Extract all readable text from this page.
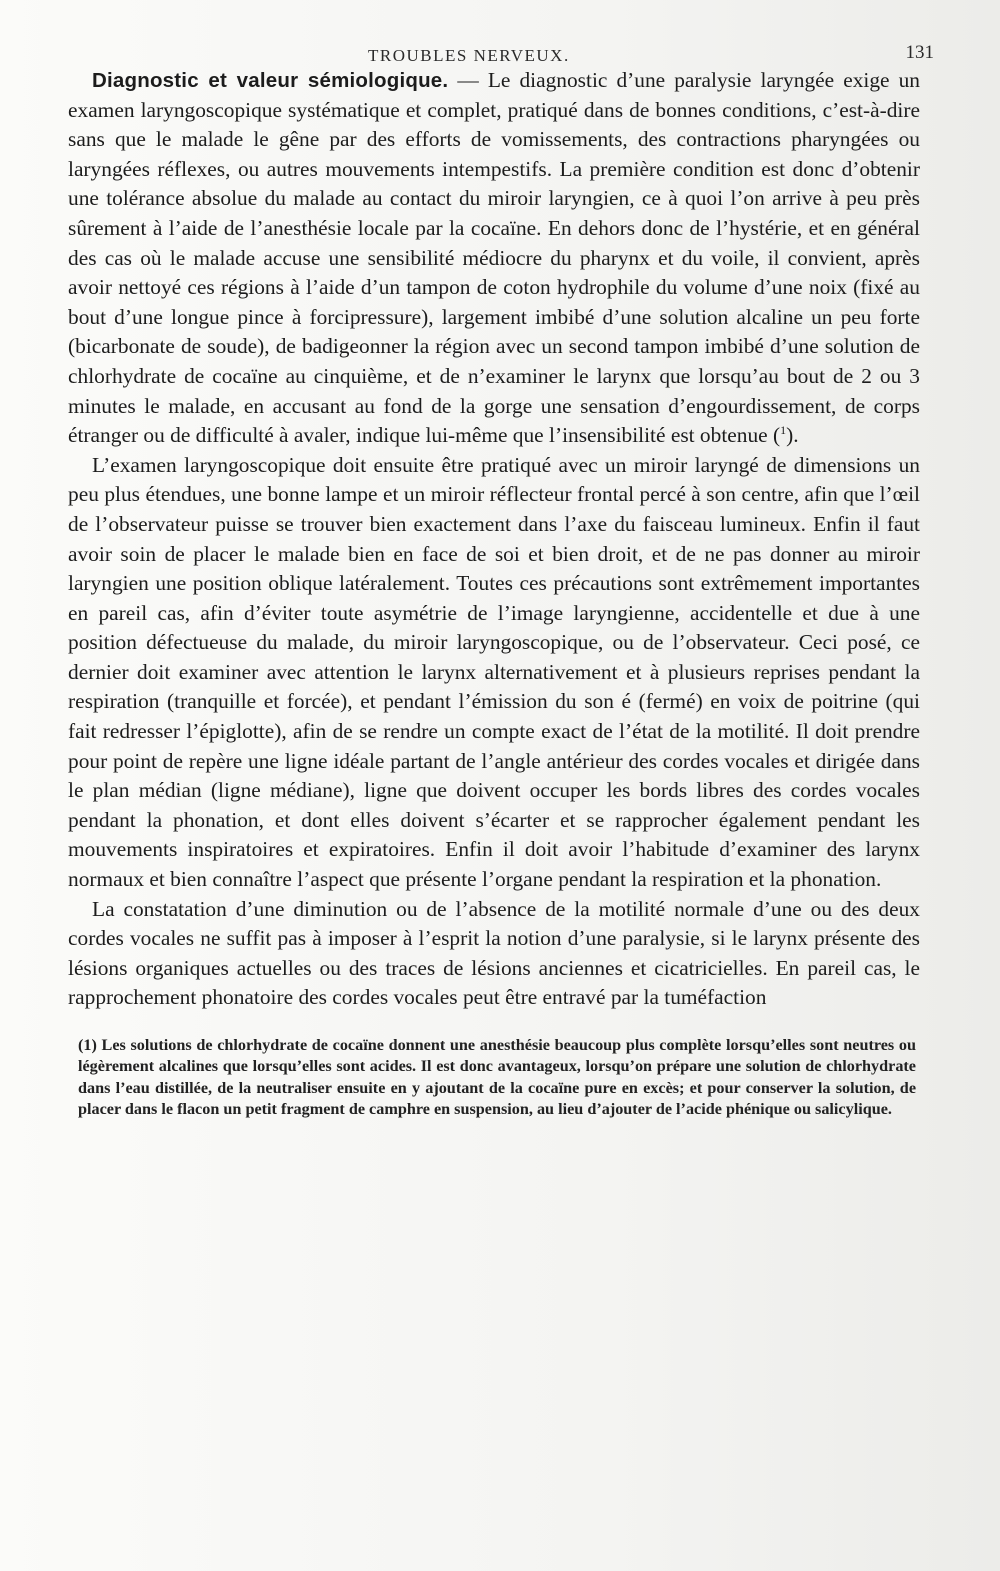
TROUBLES NERVEUX.	131

Diagnostic et valeur sémiologique. — Le diagnostic d’une paralysie laryngée exige un examen laryngoscopique systématique et complet, pratiqué dans de bonnes conditions, c’est-à-dire sans que le malade le gêne par des efforts de vomissements, des contractions pharyngées ou laryngées réflexes, ou autres mouvements intempestifs. La première condition est donc d’obtenir une tolérance absolue du malade au contact du miroir laryngien, ce à quoi l’on arrive à peu près sûrement à l’aide de l’anesthésie locale par la cocaïne. En dehors donc de l’hystérie, et en général des cas où le malade accuse une sensibilité médiocre du pharynx et du voile, il convient, après avoir nettoyé ces régions à l’aide d’un tampon de coton hydrophile du volume d’une noix (fixé au bout d’une longue pince à forcipressure), largement imbibé d’une solution alcaline un peu forte (bicarbonate de soude), de badigeonner la région avec un second tampon imbibé d’une solution de chlorhydrate de cocaïne au cinquième, et de n’examiner le larynx que lorsqu’au bout de 2 ou 3 minutes le malade, en accusant au fond de la gorge une sensation d’engourdissement, de corps étranger ou de difficulté à avaler, indique lui-même que l’insensibilité est obtenue ($^1$).

L’examen laryngoscopique doit ensuite être pratiqué avec un miroir laryngé de dimensions un peu plus étendues, une bonne lampe et un miroir réflecteur frontal percé à son centre, afin que l’œil de l’observateur puisse se trouver bien exactement dans l’axe du faisceau lumineux. Enfin il faut avoir soin de placer le malade bien en face de soi et bien droit, et de ne pas donner au miroir laryngien une position oblique latéralement. Toutes ces précautions sont extrêmement importantes en pareil cas, afin d’éviter toute asymétrie de l’image laryngienne, accidentelle et due à une position défectueuse du malade, du miroir laryngoscopique, ou de l’observateur. Ceci posé, ce dernier doit examiner avec attention le larynx alternativement et à plusieurs reprises pendant la respiration (tranquille et forcée), et pendant l’émission du son é (fermé) en voix de poitrine (qui fait redresser l’épiglotte), afin de se rendre un compte exact de l’état de la motilité. Il doit prendre pour point de repère une ligne idéale partant de l’angle antérieur des cordes vocales et dirigée dans le plan médian (ligne médiane), ligne que doivent occuper les bords libres des cordes vocales pendant la phonation, et dont elles doivent s’écarter et se rapprocher également pendant les mouvements inspiratoires et expiratoires. Enfin il doit avoir l’habitude d’examiner des larynx normaux et bien connaître l’aspect que présente l’organe pendant la respiration et la phonation.

La constatation d’une diminution ou de l’absence de la motilité normale d’une ou des deux cordes vocales ne suffit pas à imposer à l’esprit la notion d’une paralysie, si le larynx présente des lésions organiques actuelles ou des traces de lésions anciennes et cicatricielles. En pareil cas, le rapprochement phonatoire des cordes vocales peut être entravé par la tuméfaction

(1) Les solutions de chlorhydrate de cocaïne donnent une anesthésie beaucoup plus complète lorsqu’elles sont neutres ou légèrement alcalines que lorsqu’elles sont acides. Il est donc avantageux, lorsqu’on prépare une solution de chlorhydrate dans l’eau distillée, de la neutraliser ensuite en y ajoutant de la cocaïne pure en excès; et pour conserver la solution, de placer dans le flacon un petit fragment de camphre en suspension, au lieu d’ajouter de l’acide phénique ou salicylique.
